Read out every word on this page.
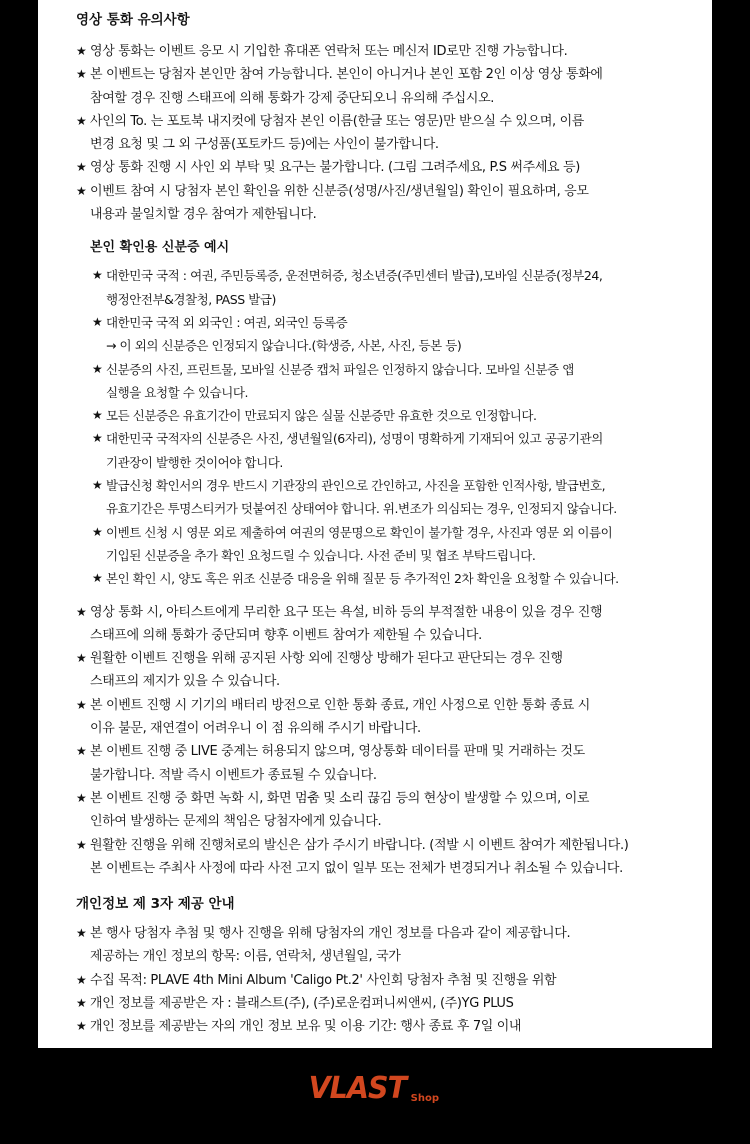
영상 통화 유의사항
★ 영상 통화는 이벤트 응모 시 기입한 휴대폰 연락처 또는 메신저 ID로만 진행 가능합니다.
★ 본 이벤트는 당첨자 본인만 참여 가능합니다. 본인이 아니거나 본인 포함 2인 이상 영상 통화에
참여할 경우 진행 스태프에 의해 통화가 강제 중단되오니 유의해 주십시오.
★ 사인의 To. 는 포토북 내지컷에 당첨자 본인 이름(한글 또는 영문)만 받으실 수 있으며, 이름
변경 요청 및 그 외 구성품(포토카드 등)에는 사인이 불가합니다.
★ 영상 통화 진행 시 사인 외 부탁 및 요구는 불가합니다. (그림 그려주세요, P.S 써주세요 등)
★ 이벤트 참여 시 당첨자 본인 확인을 위한 신분증(성명/사진/생년월일) 확인이 필요하며, 응모
내용과 불일치할 경우 참여가 제한됩니다.
본인 확인용 신분증 예시
★ 대한민국 국적 : 여권, 주민등록증, 운전면허증, 청소년증(주민센터 발급),모바일 신분증(정부24,
행정안전부&경찰청, PASS 발급)
★ 대한민국 국적 외 외국인 : 여권, 외국인 등록증
→ 이 외의 신분증은 인정되지 않습니다.(학생증, 사본, 사진, 등본 등)
★ 신분증의 사진, 프린트물, 모바일 신분증 캡처 파일은 인정하지 않습니다. 모바일 신분증 앱
실행을 요청할 수 있습니다.
★ 모든 신분증은 유효기간이 만료되지 않은 실물 신분증만 유효한 것으로 인정합니다.
★ 대한민국 국적자의 신분증은 사진, 생년월일(6자리), 성명이 명확하게 기재되어 있고 공공기관의
기관장이 발행한 것이어야 합니다.
★ 발급신청 확인서의 경우 반드시 기관장의 관인으로 간인하고, 사진을 포함한 인적사항, 발급번호,
유효기간은 투명스티커가 덧붙여진 상태여야 합니다. 위.변조가 의심되는 경우, 인정되지 않습니다.
★ 이벤트 신청 시 영문 외로 제출하여 여권의 영문명으로 확인이 불가할 경우, 사진과 영문 외 이름이
기입된 신분증을 추가 확인 요청드릴 수 있습니다. 사전 준비 및 협조 부탁드립니다.
★ 본인 확인 시, 양도 혹은 위조 신분증 대응을 위해 질문 등 추가적인 2차 확인을 요청할 수 있습니다.
★ 영상 통화 시, 아티스트에게 무리한 요구 또는 욕설, 비하 등의 부적절한 내용이 있을 경우 진행
스태프에 의해 통화가 중단되며 향후 이벤트 참여가 제한될 수 있습니다.
★ 원활한 이벤트 진행을 위해 공지된 사항 외에 진행상 방해가 된다고 판단되는 경우 진행
스태프의 제지가 있을 수 있습니다.
★ 본 이벤트 진행 시 기기의 배터리 방전으로 인한 통화 종료, 개인 사정으로 인한 통화 종료 시
이유 불문, 재연결이 어려우니 이 점 유의해 주시기 바랍니다.
★ 본 이벤트 진행 중 LIVE 중계는 허용되지 않으며, 영상통화 데이터를 판매 및 거래하는 것도
불가합니다. 적발 즉시 이벤트가 종료될 수 있습니다.
★ 본 이벤트 진행 중 화면 녹화 시, 화면 멈춤 및 소리 끊김 등의 현상이 발생할 수 있으며, 이로
인하여 발생하는 문제의 책임은 당첨자에게 있습니다.
★ 원활한 진행을 위해 진행처로의 발신은 삼가 주시기 바랍니다. (적발 시 이벤트 참여가 제한됩니다.)
본 이벤트는 주최사 사정에 따라 사전 고지 없이 일부 또는 전체가 변경되거나 취소될 수 있습니다.
개인정보 제 3자 제공 안내
★ 본 행사 당첨자 추첨 및 행사 진행을 위해 당첨자의 개인 정보를 다음과 같이 제공합니다.
제공하는 개인 정보의 항목: 이름, 연락처, 생년월일, 국가
★ 수집 목적: PLAVE 4th Mini Album 'Caligo Pt.2' 사인회 당첨자 추첨 및 진행을 위함
★ 개인 정보를 제공받은 자 : 블래스트(주), (주)로운컴퍼니씨앤씨, (주)YG PLUS
★ 개인 정보를 제공받는 자의 개인 정보 보유 및 이용 기간: 행사 종료 후 7일 이내
VLAST Shop
